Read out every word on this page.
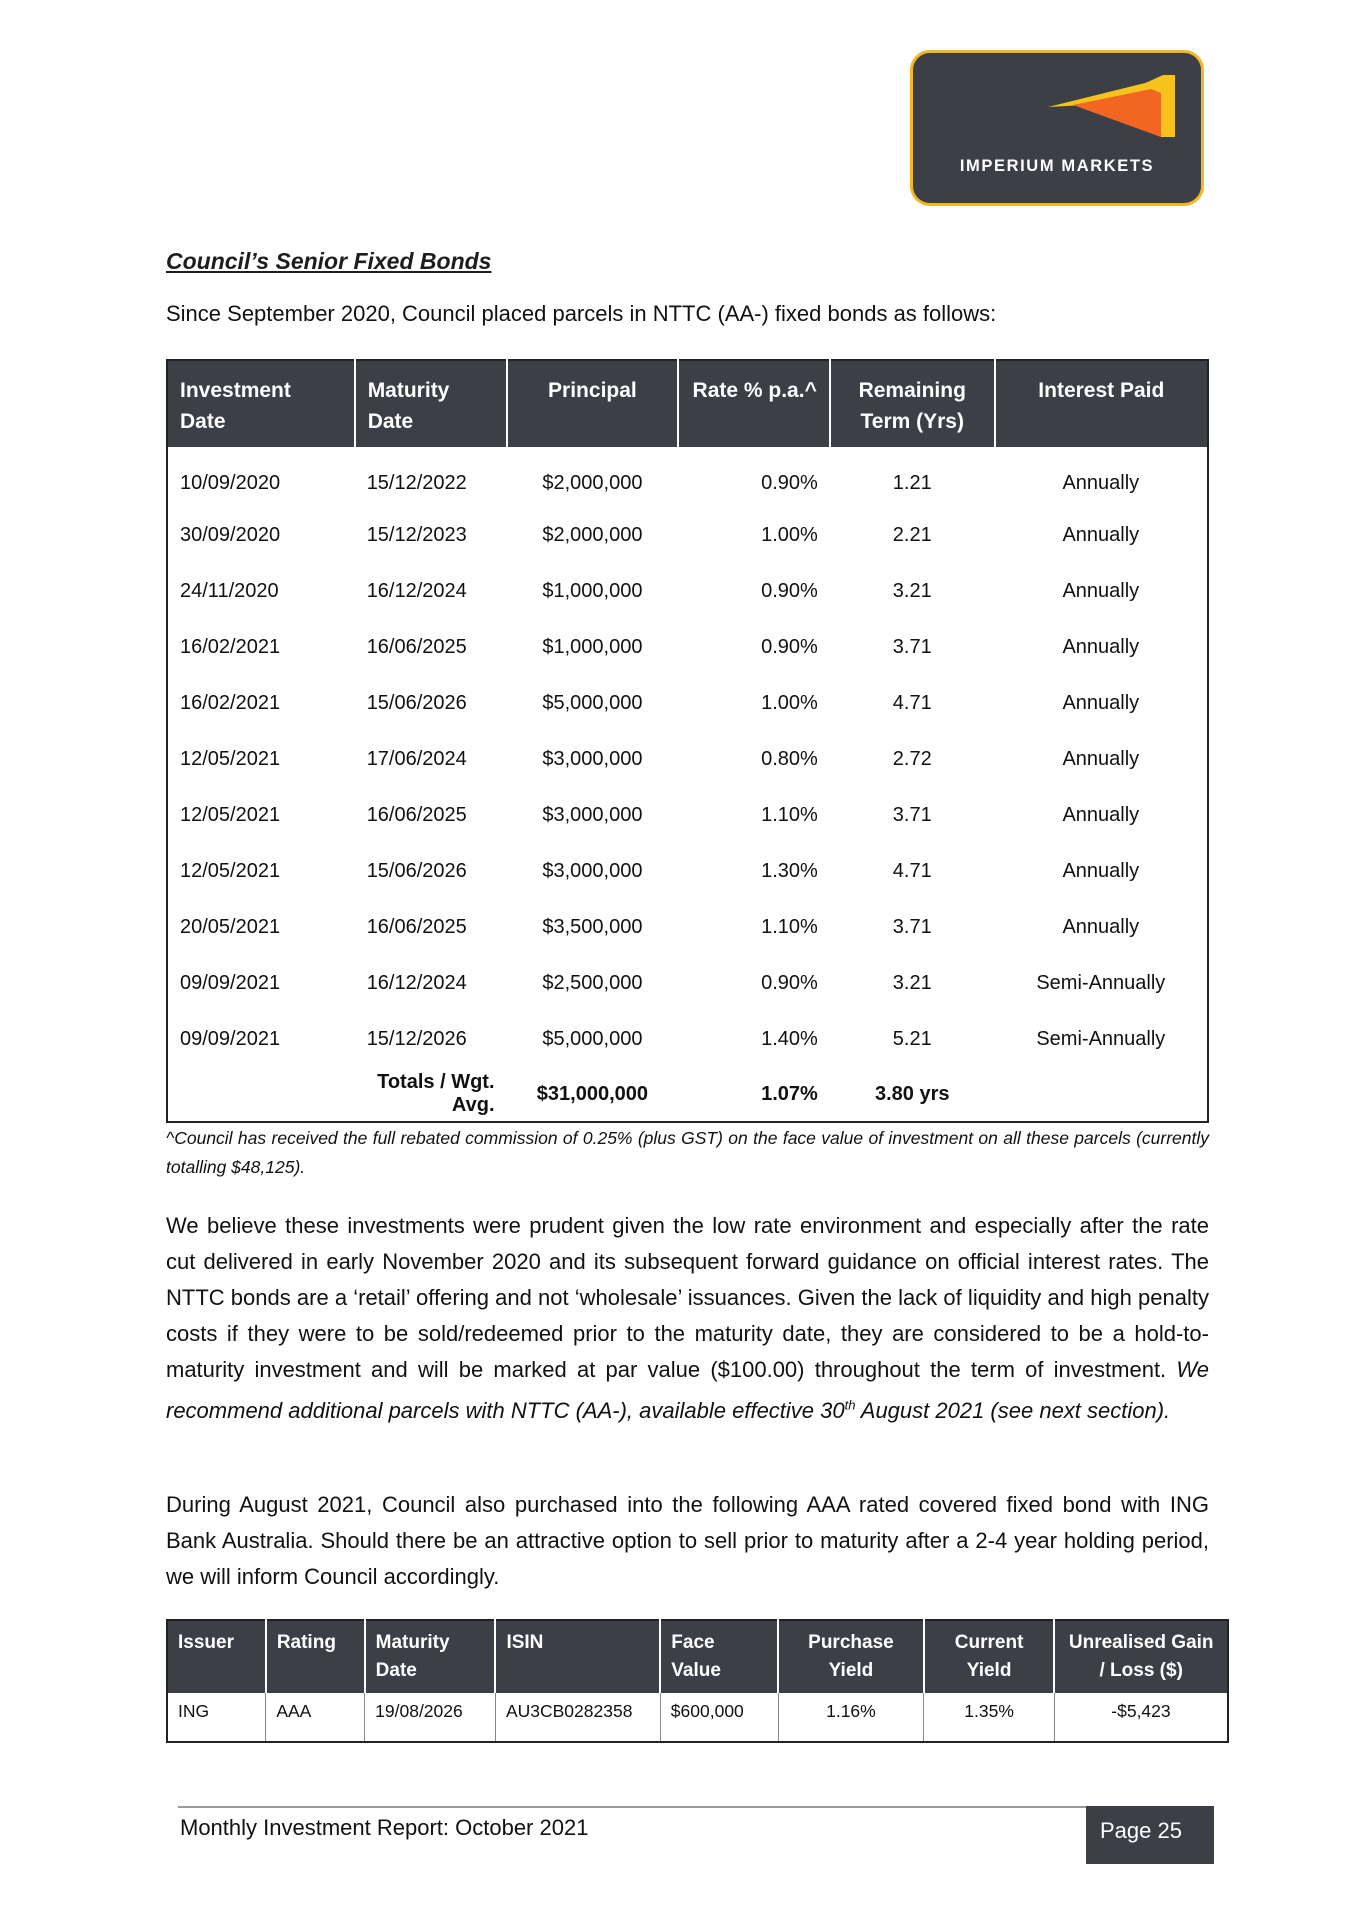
IMPERIUM MARKETS
Council’s Senior Fixed Bonds
Since September 2020, Council placed parcels in NTTC (AA-) fixed bonds as follows:
Investment Date	Maturity Date	Principal	Rate % p.a.^	Remaining Term (Yrs)	Interest Paid
10/09/2020	15/12/2022	$2,000,000	0.90%	1.21	Annually
30/09/2020	15/12/2023	$2,000,000	1.00%	2.21	Annually
24/11/2020	16/12/2024	$1,000,000	0.90%	3.21	Annually
16/02/2021	16/06/2025	$1,000,000	0.90%	3.71	Annually
16/02/2021	15/06/2026	$5,000,000	1.00%	4.71	Annually
12/05/2021	17/06/2024	$3,000,000	0.80%	2.72	Annually
12/05/2021	16/06/2025	$3,000,000	1.10%	3.71	Annually
12/05/2021	15/06/2026	$3,000,000	1.30%	4.71	Annually
20/05/2021	16/06/2025	$3,500,000	1.10%	3.71	Annually
09/09/2021	16/12/2024	$2,500,000	0.90%	3.21	Semi-Annually
09/09/2021	15/12/2026	$5,000,000	1.40%	5.21	Semi-Annually
	Totals / Wgt. Avg.	$31,000,000	1.07%	3.80 yrs	
^Council has received the full rebated commission of 0.25% (plus GST) on the face value of investment on all these parcels (currently totalling $48,125).
We believe these investments were prudent given the low rate environment and especially after the rate cut delivered in early November 2020 and its subsequent forward guidance on official interest rates. The NTTC bonds are a ‘retail’ offering and not ‘wholesale’ issuances. Given the lack of liquidity and high penalty costs if they were to be sold/redeemed prior to the maturity date, they are considered to be a hold-to-maturity investment and will be marked at par value ($100.00) throughout the term of investment. We recommend additional parcels with NTTC (AA-), available effective 30th August 2021 (see next section).
During August 2021, Council also purchased into the following AAA rated covered fixed bond with ING Bank Australia. Should there be an attractive option to sell prior to maturity after a 2-4 year holding period, we will inform Council accordingly.
Issuer	Rating	Maturity Date	ISIN	Face Value	Purchase Yield	Current Yield	Unrealised Gain / Loss ($)
ING	AAA	19/08/2026	AU3CB0282358	$600,000	1.16%	1.35%	-$5,423
Monthly Investment Report: October 2021	Page 25
